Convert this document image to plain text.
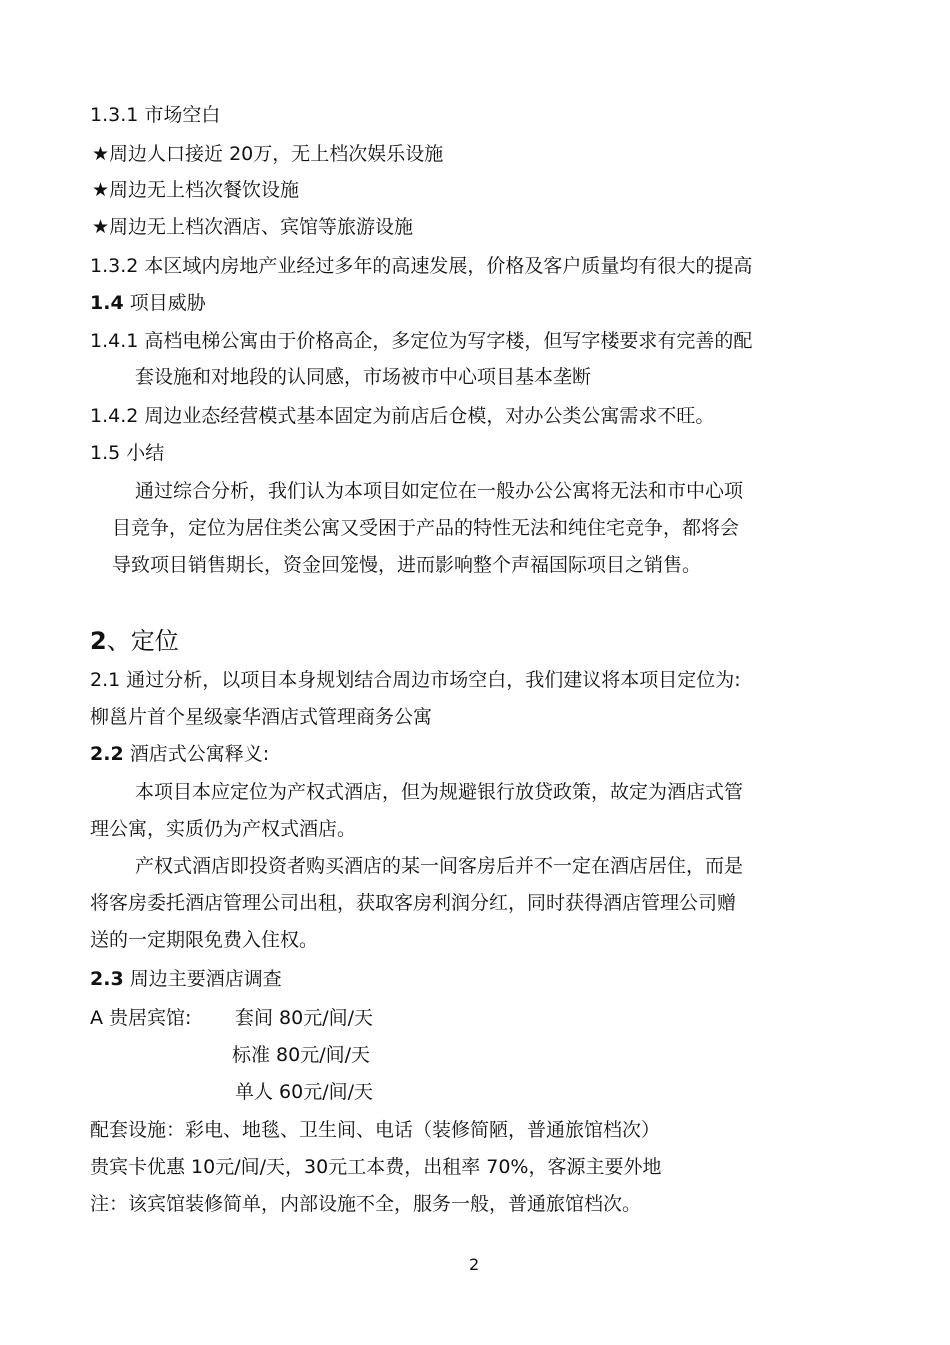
1.3.1 市场空白
★周边人口接近 20万，无上档次娱乐设施
★周边无上档次餐饮设施
★周边无上档次酒店、宾馆等旅游设施
1.3.2 本区域内房地产业经过多年的高速发展，价格及客户质量均有很大的提高
1.4 项目威胁
1.4.1 高档电梯公寓由于价格高企，多定位为写字楼，但写字楼要求有完善的配
套设施和对地段的认同感，市场被市中心项目基本垄断
1.4.2 周边业态经营模式基本固定为前店后仓模，对办公类公寓需求不旺。
1.5 小结
通过综合分析，我们认为本项目如定位在一般办公公寓将无法和市中心项
目竞争，定位为居住类公寓又受困于产品的特性无法和纯住宅竞争，都将会
导致项目销售期长，资金回笼慢，进而影响整个声福国际项目之销售。
2、定位
2.1 通过分析，以项目本身规划结合周边市场空白，我们建议将本项目定位为:
柳邕片首个星级豪华酒店式管理商务公寓
2.2 酒店式公寓释义:
本项目本应定位为产权式酒店，但为规避银行放贷政策，故定为酒店式管
理公寓，实质仍为产权式酒店。
产权式酒店即投资者购买酒店的某一间客房后并不一定在酒店居住，而是
将客房委托酒店管理公司出租，获取客房利润分红，同时获得酒店管理公司赠
送的一定期限免费入住权。
2.3 周边主要酒店调查
A 贵居宾馆: 套间 80元/间/天
标准 80元/间/天
单人 60元/间/天
配套设施：彩电、地毯、卫生间、电话（装修简陋，普通旅馆档次）
贵宾卡优惠 10元/间/天，30元工本费，出租率 70%，客源主要外地
注：该宾馆装修简单，内部设施不全，服务一般，普通旅馆档次。
2
